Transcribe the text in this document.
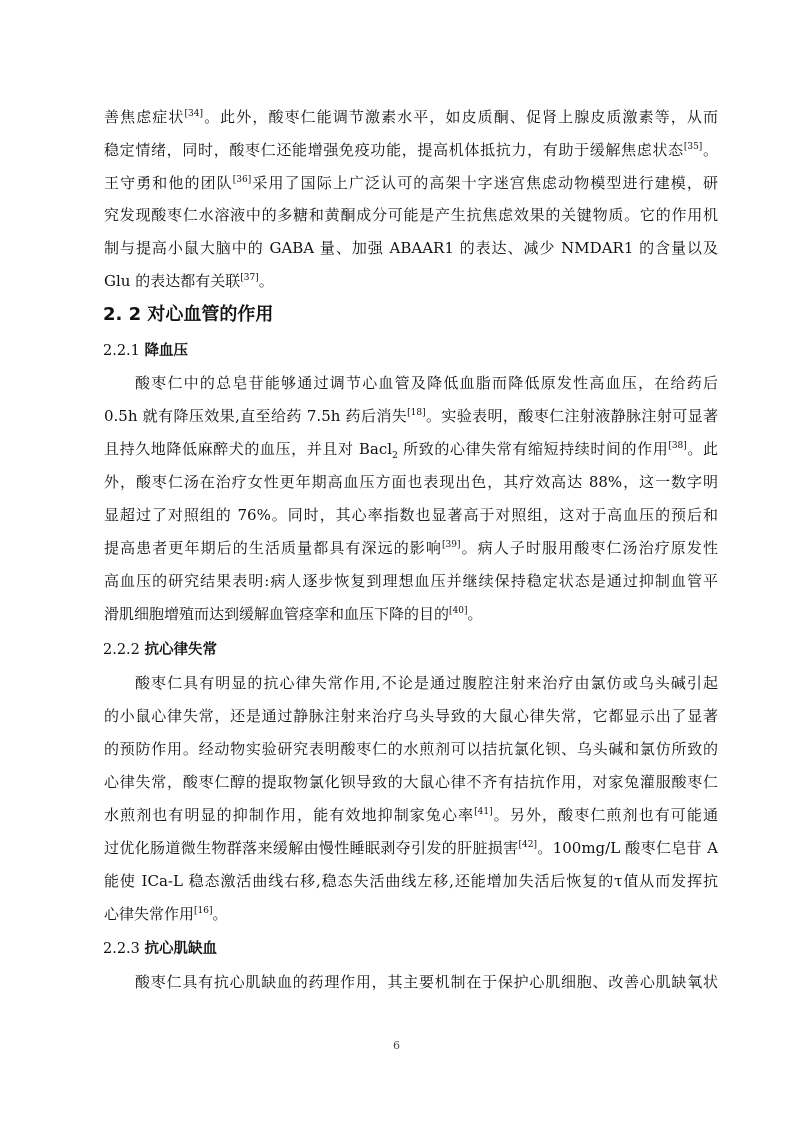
善焦虑症状[34]。此外，酸枣仁能调节激素水平，如皮质酮、促肾上腺皮质激素等，从而
稳定情绪，同时，酸枣仁还能增强免疫功能，提高机体抵抗力，有助于缓解焦虑状态[35]。
王守勇和他的团队[36]采用了国际上广泛认可的高架十字迷宫焦虑动物模型进行建模，研
究发现酸枣仁水溶液中的多糖和黄酮成分可能是产生抗焦虑效果的关键物质。它的作用机
制与提高小鼠大脑中的 GABA 量、加强 ABAAR1 的表达、减少 NMDAR1 的含量以及
Glu 的表达都有关联[37]。
2. 2 对心血管的作用
2.2.1 降血压
酸枣仁中的总皂苷能够通过调节心血管及降低血脂而降低原发性高血压，在给药后
0.5h 就有降压效果,直至给药 7.5h 药后消失[18]。实验表明，酸枣仁注射液静脉注射可显著
且持久地降低麻醉犬的血压，并且对 Bacl$_2$ 所致的心律失常有缩短持续时间的作用[38]。此
外，酸枣仁汤在治疗女性更年期高血压方面也表现出色，其疗效高达 88%，这一数字明
显超过了对照组的 76%。同时，其心率指数也显著高于对照组，这对于高血压的预后和
提高患者更年期后的生活质量都具有深远的影响[39]。病人子时服用酸枣仁汤治疗原发性
高血压的研究结果表明:病人逐步恢复到理想血压并继续保持稳定状态是通过抑制血管平
滑肌细胞增殖而达到缓解血管痉挛和血压下降的目的[40]。
2.2.2 抗心律失常
酸枣仁具有明显的抗心律失常作用,不论是通过腹腔注射来治疗由氯仿或乌头碱引起
的小鼠心律失常，还是通过静脉注射来治疗乌头导致的大鼠心律失常，它都显示出了显著
的预防作用。经动物实验研究表明酸枣仁的水煎剂可以拮抗氯化钡、乌头碱和氯仿所致的
心律失常，酸枣仁醇的提取物氯化钡导致的大鼠心律不齐有拮抗作用，对家兔灌服酸枣仁
水煎剂也有明显的抑制作用，能有效地抑制家兔心率[41]。另外，酸枣仁煎剂也有可能通
过优化肠道微生物群落来缓解由慢性睡眠剥夺引发的肝脏损害[42]。100mg/L 酸枣仁皂苷 A
能使 ICa-L 稳态激活曲线右移,稳态失活曲线左移,还能增加失活后恢复的τ值从而发挥抗
心律失常作用[16]。
2.2.3 抗心肌缺血
酸枣仁具有抗心肌缺血的药理作用，其主要机制在于保护心肌细胞、改善心肌缺氧状
6
